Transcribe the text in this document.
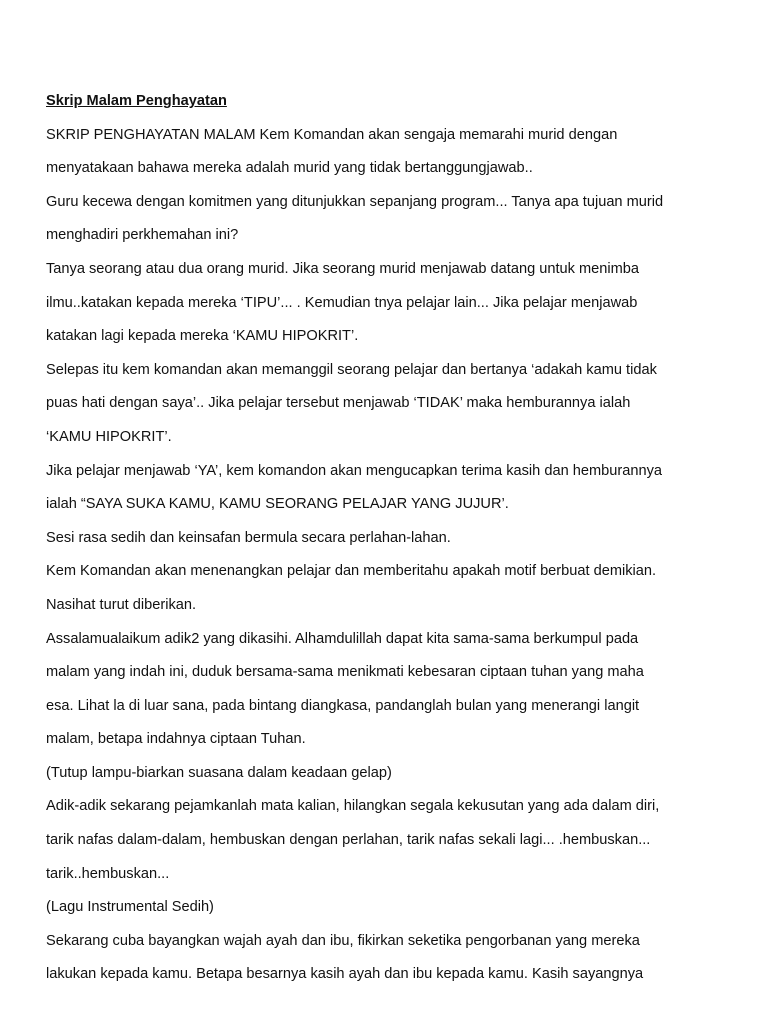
Skrip Malam Penghayatan
SKRIP PENGHAYATAN MALAM Kem Komandan akan sengaja memarahi murid dengan
menyatakaan bahawa mereka adalah murid yang tidak bertanggungjawab..
Guru kecewa dengan komitmen yang ditunjukkan sepanjang program... Tanya apa tujuan murid
menghadiri perkhemahan ini?
Tanya seorang atau dua orang murid. Jika seorang murid menjawab datang untuk menimba
ilmu..katakan kepada mereka ‘TIPU’... . Kemudian tnya pelajar lain... Jika pelajar menjawab
katakan lagi kepada mereka ‘KAMU HIPOKRIT’.
Selepas itu kem komandan akan memanggil seorang pelajar dan bertanya ‘adakah kamu tidak
puas hati dengan saya’.. Jika pelajar tersebut menjawab ‘TIDAK’ maka hemburannya ialah
‘KAMU HIPOKRIT’.
Jika pelajar menjawab ‘YA’, kem komandon akan mengucapkan terima kasih dan hemburannya
ialah “SAYA SUKA KAMU, KAMU SEORANG PELAJAR YANG JUJUR’.
Sesi rasa sedih dan keinsafan bermula secara perlahan-lahan.
Kem Komandan akan menenangkan pelajar dan memberitahu apakah motif berbuat demikian.
Nasihat turut diberikan.
Assalamualaikum adik2 yang dikasihi. Alhamdulillah dapat kita sama-sama berkumpul pada
malam yang indah ini, duduk bersama-sama menikmati kebesaran ciptaan tuhan yang maha
esa. Lihat la di luar sana, pada bintang diangkasa, pandanglah bulan yang menerangi langit
malam, betapa indahnya ciptaan Tuhan.
(Tutup lampu-biarkan suasana dalam keadaan gelap)
Adik-adik sekarang pejamkanlah mata kalian, hilangkan segala kekusutan yang ada dalam diri,
tarik nafas dalam-dalam, hembuskan dengan perlahan, tarik nafas sekali lagi... .hembuskan...
tarik..hembuskan...
(Lagu Instrumental Sedih)
Sekarang cuba bayangkan wajah ayah dan ibu, fikirkan seketika pengorbanan yang mereka
lakukan kepada kamu. Betapa besarnya kasih ayah dan ibu kepada kamu. Kasih sayangnya
